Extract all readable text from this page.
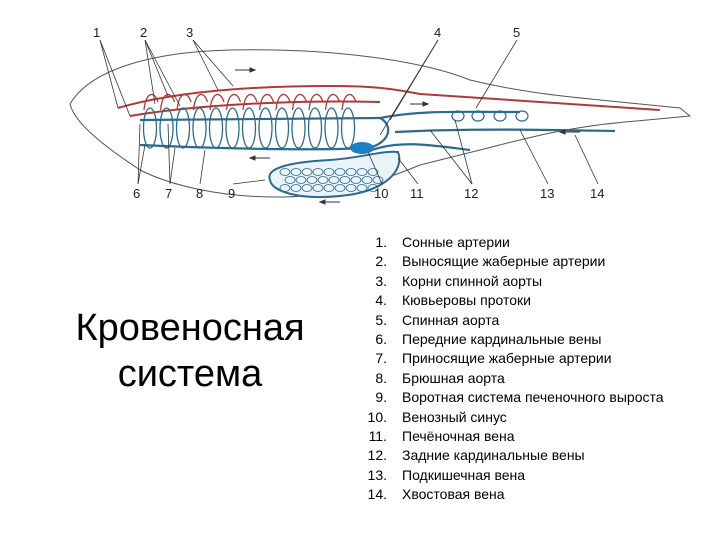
1	2	3	4	5
6 7 8 9	10 11	12	13	14
Кровеносная система
1.	Сонные артерии
2.	Выносящие жаберные артерии
3.	Корни спинной аорты
4.	Кювьеровы протоки
5.	Спинная аорта
6.	Передние кардинальные вены
7.	Приносящие жаберные артерии
8.	Брюшная аорта
9.	Воротная система печеночного выроста
10.	Венозный синус
11.	Печёночная вена
12.	Задние кардинальные вены
13.	Подкишечная вена
14.	Хвостовая вена
